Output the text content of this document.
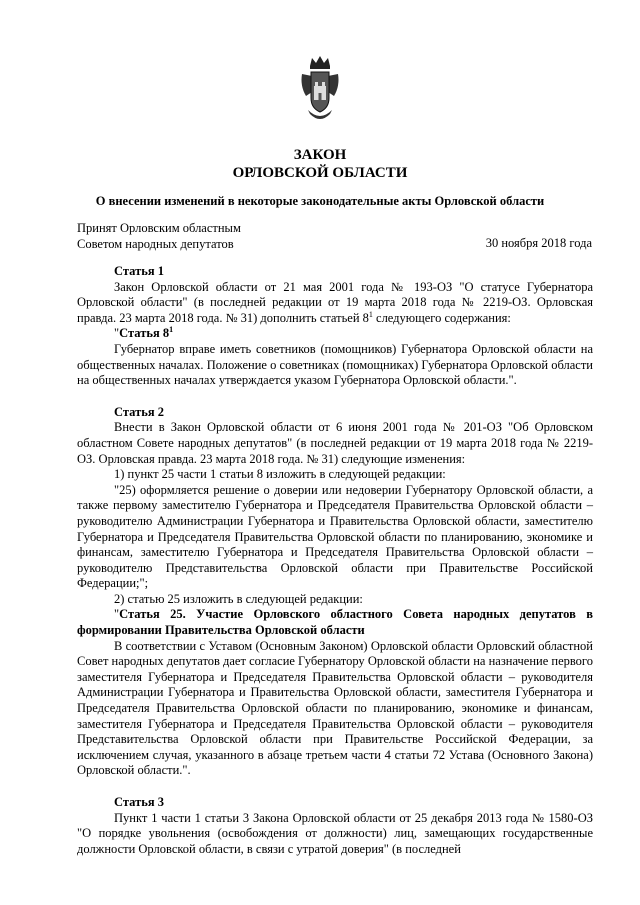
ЗАКОН
ОРЛОВСКОЙ ОБЛАСТИ
О внесении изменений в некоторые законодательные акты Орловской области
Принят Орловским областным
Советом народных депутатов	30 ноября 2018 года

Статья 1

Закон Орловской области от 21 мая 2001 года № 193-ОЗ "О статусе Губернатора Орловской области" (в последней редакции от 19 марта 2018 года № 2219-ОЗ. Орловская правда. 23 марта 2018 года. № 31) дополнить статьей $8^1$ следующего содержания:

"Статья $8^1$

Губернатор вправе иметь советников (помощников) Губернатора Орловской области на общественных началах. Положение о советниках (помощниках) Губернатора Орловской области на общественных началах утверждается указом Губернатора Орловской области.".

Статья 2

Внести в Закон Орловской области от 6 июня 2001 года № 201-ОЗ "Об Орловском областном Совете народных депутатов" (в последней редакции от 19 марта 2018 года № 2219-ОЗ. Орловская правда. 23 марта 2018 года. № 31) следующие изменения:

1) пункт 25 части 1 статьи 8 изложить в следующей редакции:

"25) оформляется решение о доверии или недоверии Губернатору Орловской области, а также первому заместителю Губернатора и Председателя Правительства Орловской области – руководителю Администрации Губернатора и Правительства Орловской области, заместителю Губернатора и Председателя Правительства Орловской области по планированию, экономике и финансам, заместителю Губернатора и Председателя Правительства Орловской области – руководителю Представительства Орловской области при Правительстве Российской Федерации;";

2) статью 25 изложить в следующей редакции:

"Статья 25. Участие Орловского областного Совета народных депутатов в формировании Правительства Орловской области

В соответствии с Уставом (Основным Законом) Орловской области Орловский областной Совет народных депутатов дает согласие Губернатору Орловской области на назначение первого заместителя Губернатора и Председателя Правительства Орловской области – руководителя Администрации Губернатора и Правительства Орловской области, заместителя Губернатора и Председателя Правительства Орловской области по планированию, экономике и финансам, заместителя Губернатора и Председателя Правительства Орловской области – руководителя Представительства Орловской области при Правительстве Российской Федерации, за исключением случая, указанного в абзаце третьем части 4 статьи 72 Устава (Основного Закона) Орловской области.".

Статья 3

Пункт 1 части 1 статьи 3 Закона Орловской области от 25 декабря 2013 года № 1580-ОЗ "О порядке увольнения (освобождения от должности) лиц, замещающих государственные должности Орловской области, в связи с утратой доверия" (в последней
